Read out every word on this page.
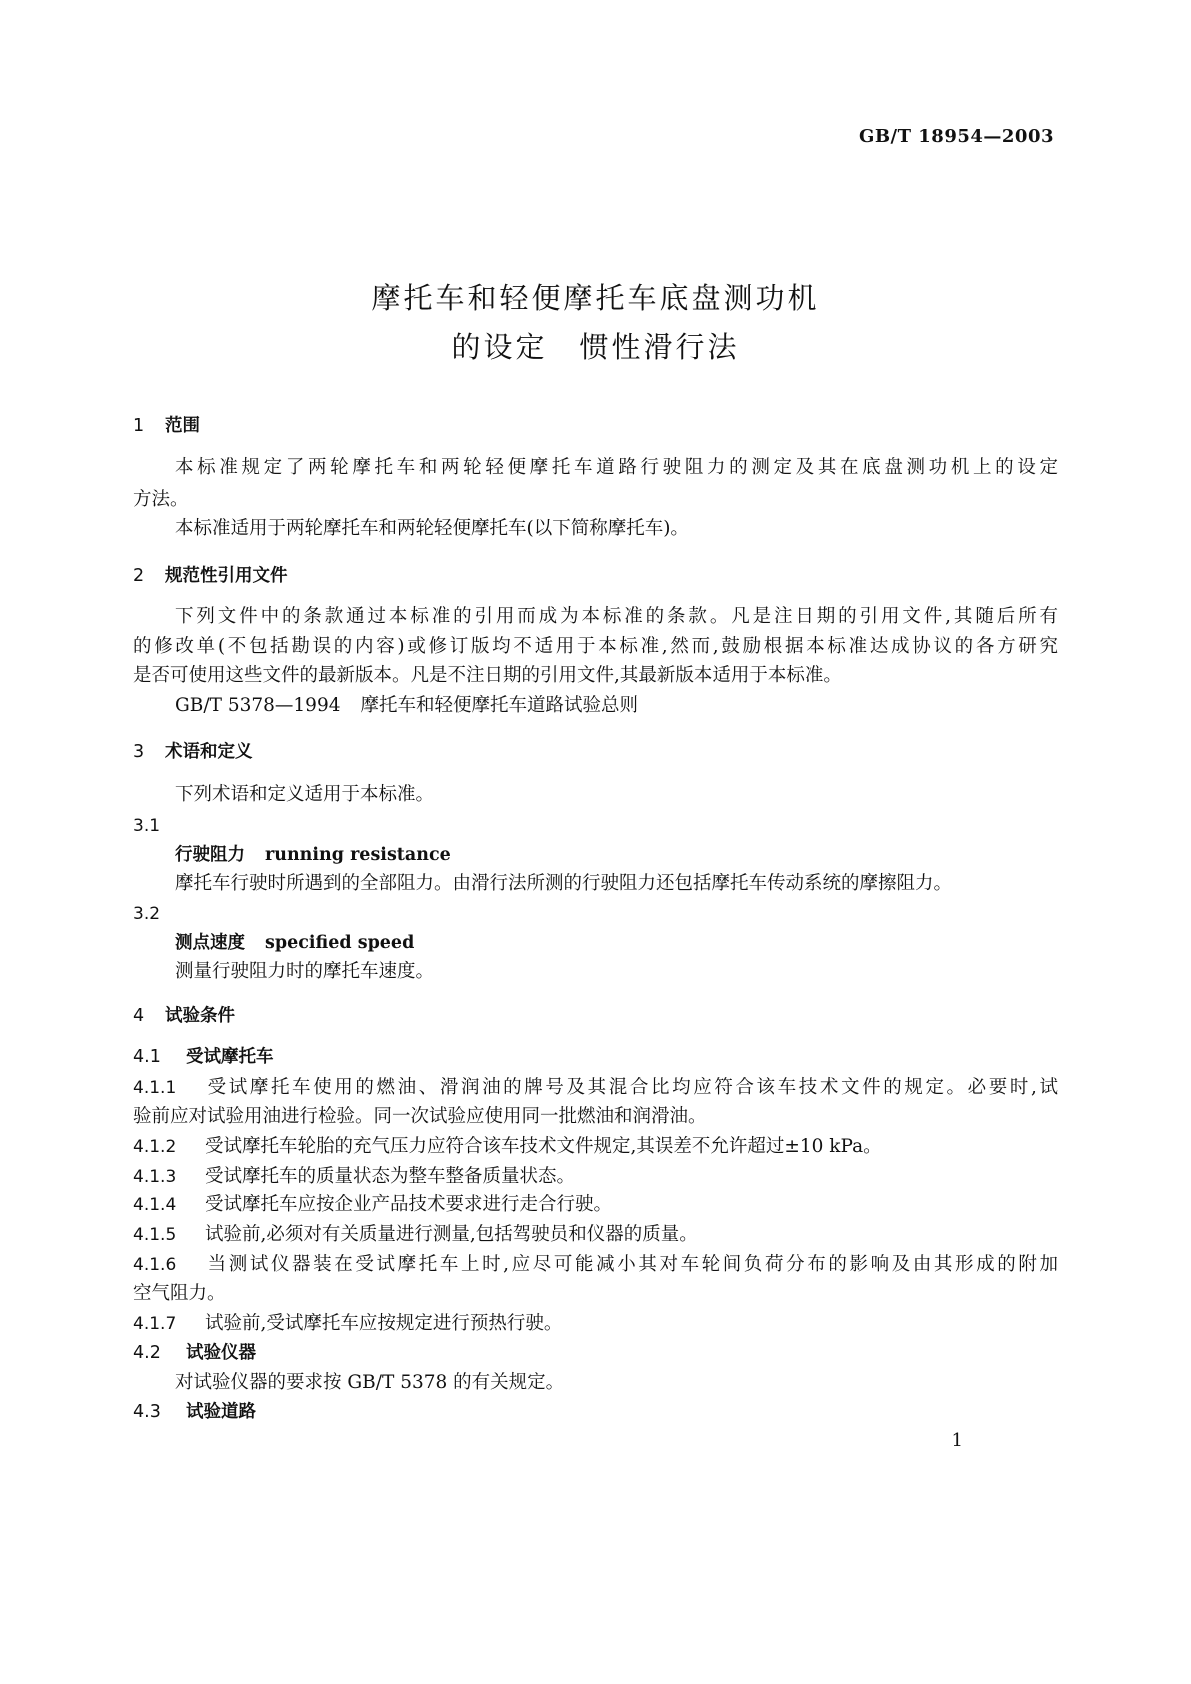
GB/T 18954—2003
摩托车和轻便摩托车底盘测功机
的设定　惯性滑行法
1 范围
本标准规定了两轮摩托车和两轮轻便摩托车道路行驶阻力的测定及其在底盘测功机上的设定
方法。
本标准适用于两轮摩托车和两轮轻便摩托车(以下简称摩托车)。
2 规范性引用文件
下列文件中的条款通过本标准的引用而成为本标准的条款。凡是注日期的引用文件,其随后所有
的修改单(不包括勘误的内容)或修订版均不适用于本标准,然而,鼓励根据本标准达成协议的各方研究
是否可使用这些文件的最新版本。凡是不注日期的引用文件,其最新版本适用于本标准。
GB/T 5378—1994 摩托车和轻便摩托车道路试验总则
3 术语和定义
下列术语和定义适用于本标准。
3.1
行驶阻力 running resistance
摩托车行驶时所遇到的全部阻力。由滑行法所测的行驶阻力还包括摩托车传动系统的摩擦阻力。
3.2
测点速度 specified speed
测量行驶阻力时的摩托车速度。
4 试验条件
4.1 受试摩托车
4.1.1 受试摩托车使用的燃油、滑润油的牌号及其混合比均应符合该车技术文件的规定。必要时,试
验前应对试验用油进行检验。同一次试验应使用同一批燃油和润滑油。
4.1.2 受试摩托车轮胎的充气压力应符合该车技术文件规定,其误差不允许超过±10 kPa。
4.1.3 受试摩托车的质量状态为整车整备质量状态。
4.1.4 受试摩托车应按企业产品技术要求进行走合行驶。
4.1.5 试验前,必须对有关质量进行测量,包括驾驶员和仪器的质量。
4.1.6 当测试仪器装在受试摩托车上时,应尽可能减小其对车轮间负荷分布的影响及由其形成的附加
空气阻力。
4.1.7 试验前,受试摩托车应按规定进行预热行驶。
4.2 试验仪器
对试验仪器的要求按 GB/T 5378 的有关规定。
4.3 试验道路
1
